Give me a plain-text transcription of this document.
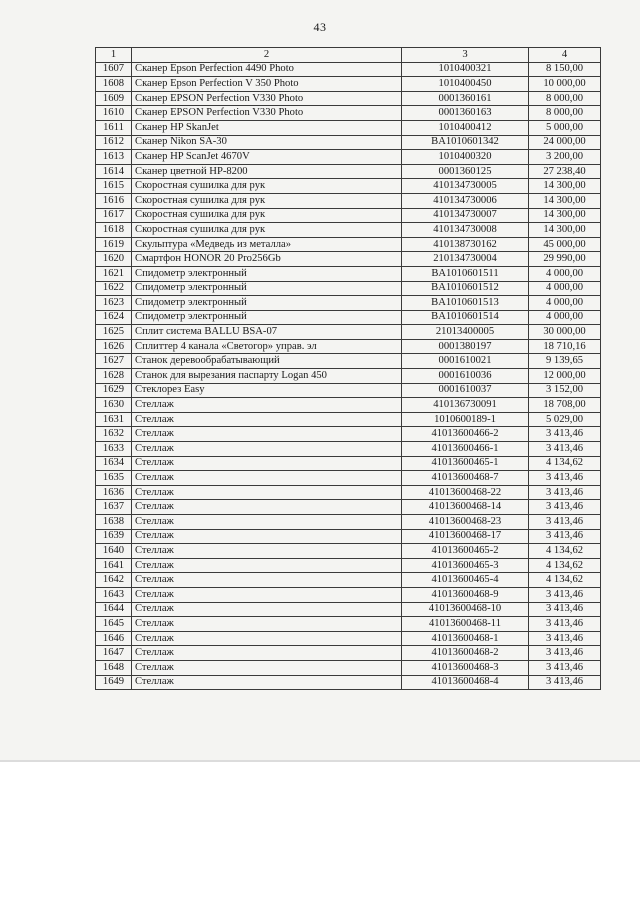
43
1	2	3	4
1607	Сканер Epson Perfection 4490 Photo	1010400321	8 150,00
1608	Сканер Epson Perfection V 350 Photo	1010400450	10 000,00
1609	Сканер EPSON Perfection V330 Photo	0001360161	8 000,00
1610	Сканер EPSON Perfection V330 Photo	0001360163	8 000,00
1611	Сканер HP SkanJet	1010400412	5 000,00
1612	Сканер Nikon SA-30	BA1010601342	24 000,00
1613	Сканер HP ScanJet 4670V	1010400320	3 200,00
1614	Сканер цветной HP-8200	0001360125	27 238,40
1615	Скоростная сушилка для рук	410134730005	14 300,00
1616	Скоростная сушилка для рук	410134730006	14 300,00
1617	Скоростная сушилка для рук	410134730007	14 300,00
1618	Скоростная сушилка для рук	410134730008	14 300,00
1619	Скульптура «Медведь из металла»	410138730162	45 000,00
1620	Смартфон HONOR 20 Pro256Gb	210134730004	29 990,00
1621	Спидометр электронный	BA1010601511	4 000,00
1622	Спидометр электронный	BA1010601512	4 000,00
1623	Спидометр электронный	BA1010601513	4 000,00
1624	Спидометр электронный	BA1010601514	4 000,00
1625	Сплит система BALLU BSA-07	21013400005	30 000,00
1626	Сплиттер 4 канала «Светогор» управ. эл	0001380197	18 710,16
1627	Станок деревообрабатывающий	0001610021	9 139,65
1628	Станок для вырезания паспарту Logan 450	0001610036	12 000,00
1629	Стеклорез Easy	0001610037	3 152,00
1630	Стеллаж	410136730091	18 708,00
1631	Стеллаж	1010600189-1	5 029,00
1632	Стеллаж	41013600466-2	3 413,46
1633	Стеллаж	41013600466-1	3 413,46
1634	Стеллаж	41013600465-1	4 134,62
1635	Стеллаж	41013600468-7	3 413,46
1636	Стеллаж	41013600468-22	3 413,46
1637	Стеллаж	41013600468-14	3 413,46
1638	Стеллаж	41013600468-23	3 413,46
1639	Стеллаж	41013600468-17	3 413,46
1640	Стеллаж	41013600465-2	4 134,62
1641	Стеллаж	41013600465-3	4 134,62
1642	Стеллаж	41013600465-4	4 134,62
1643	Стеллаж	41013600468-9	3 413,46
1644	Стеллаж	41013600468-10	3 413,46
1645	Стеллаж	41013600468-11	3 413,46
1646	Стеллаж	41013600468-1	3 413,46
1647	Стеллаж	41013600468-2	3 413,46
1648	Стеллаж	41013600468-3	3 413,46
1649	Стеллаж	41013600468-4	3 413,46
